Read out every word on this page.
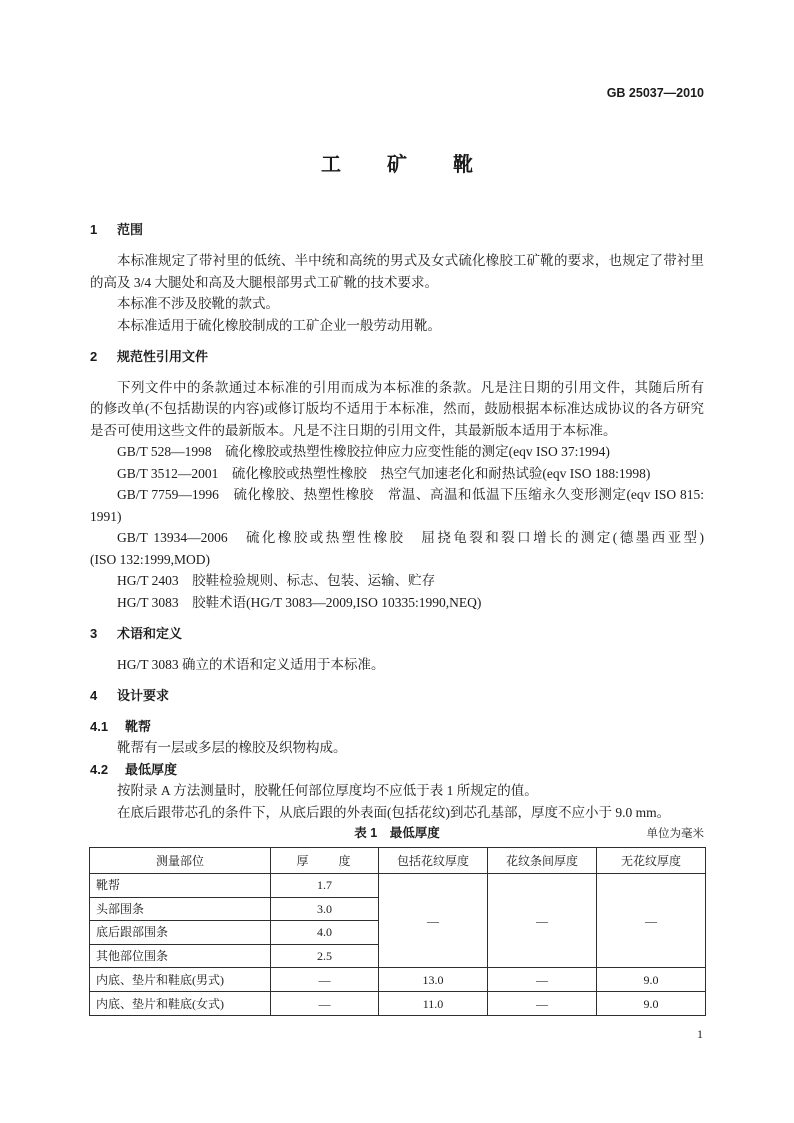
GB 25037—2010
工　矿　靴
1 范围
本标准规定了带衬里的低统、半中统和高统的男式及女式硫化橡胶工矿靴的要求，也规定了带衬里
的高及 3/4 大腿处和高及大腿根部男式工矿靴的技术要求。
本标准不涉及胶靴的款式。
本标准适用于硫化橡胶制成的工矿企业一般劳动用靴。
2 规范性引用文件
下列文件中的条款通过本标准的引用而成为本标准的条款。凡是注日期的引用文件，其随后所有
的修改单(不包括勘误的内容)或修订版均不适用于本标准，然而，鼓励根据本标准达成协议的各方研究
是否可使用这些文件的最新版本。凡是不注日期的引用文件，其最新版本适用于本标准。
GB/T 528—1998　硫化橡胶或热塑性橡胶拉伸应力应变性能的测定(eqv ISO 37:1994)
GB/T 3512—2001　硫化橡胶或热塑性橡胶　热空气加速老化和耐热试验(eqv ISO 188:1998)
GB/T 7759—1996　硫化橡胶、热塑性橡胶　常温、高温和低温下压缩永久变形测定(eqv ISO 815:
1991)
GB/T 13934—2006　硫化橡胶或热塑性橡胶　屈挠龟裂和裂口增长的测定(德墨西亚型)
(ISO 132:1999,MOD)
HG/T 2403　胶鞋检验规则、标志、包装、运输、贮存
HG/T 3083　胶鞋术语(HG/T 3083—2009,ISO 10335:1990,NEQ)
3 术语和定义
HG/T 3083 确立的术语和定义适用于本标准。
4 设计要求
4.1 靴帮
靴帮有一层或多层的橡胶及织物构成。
4.2 最低厚度
按附录 A 方法测量时，胶靴任何部位厚度均不应低于表 1 所规定的值。
在底后跟带芯孔的条件下，从底后跟的外表面(包括花纹)到芯孔基部，厚度不应小于 9.0 mm。
表 1　最低厚度	单位为毫米
测量部位	厚　　度	包括花纹厚度	花纹条间厚度	无花纹厚度
靴帮	1.7	—	—	—
头部围条	3.0			
底后跟部围条	4.0			
其他部位围条	2.5			
内底、垫片和鞋底(男式)	—	13.0	—	9.0
内底、垫片和鞋底(女式)	—	11.0	—	9.0
1
